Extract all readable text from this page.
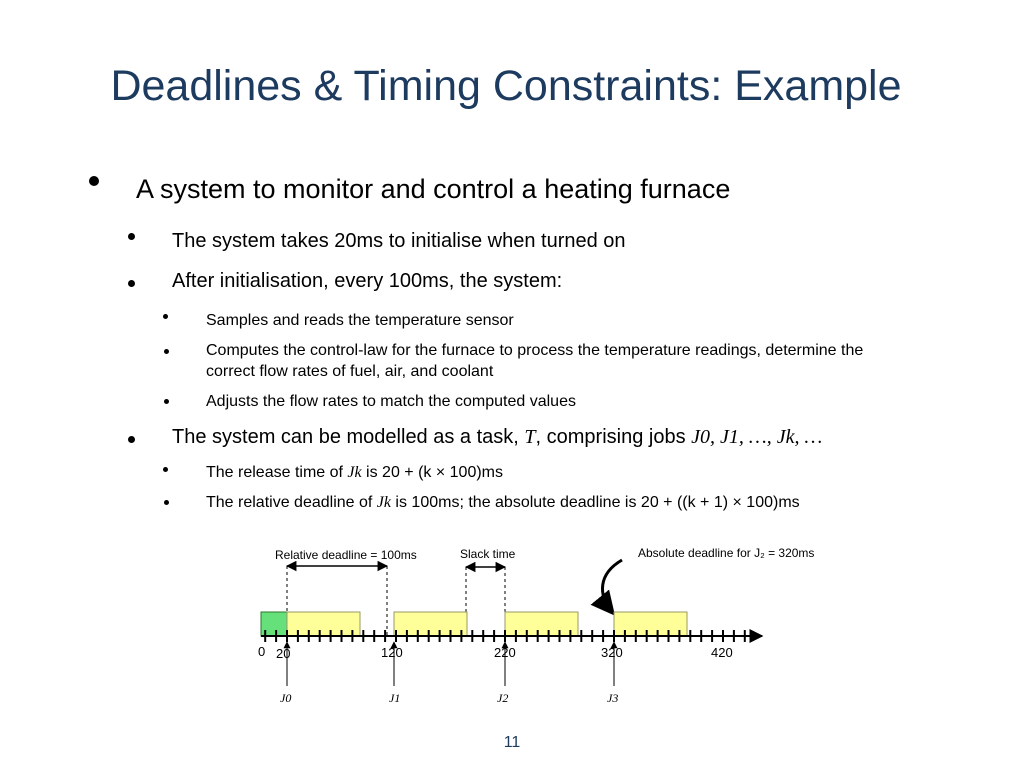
Deadlines & Timing Constraints: Example
A system to monitor and control a heating furnace
The system takes 20ms to initialise when turned on
After initialisation, every 100ms, the system:
Samples and reads the temperature sensor
Computes the control-law for the furnace to process the temperature readings, determine the
correct flow rates of fuel, air, and coolant
Adjusts the flow rates to match the computed values
The system can be modelled as a task, T, comprising jobs J0, J1, …, Jk, …
The release time of Jk is 20 + (k × 100)ms
The relative deadline of Jk is 100ms; the absolute deadline is 20 + ((k + 1) × 100)ms
Relative deadline = 100ms	Slack time	Absolute deadline for J₂ = 320ms
0 20	120	220	320	420
J0	J1	J2	J3
11
